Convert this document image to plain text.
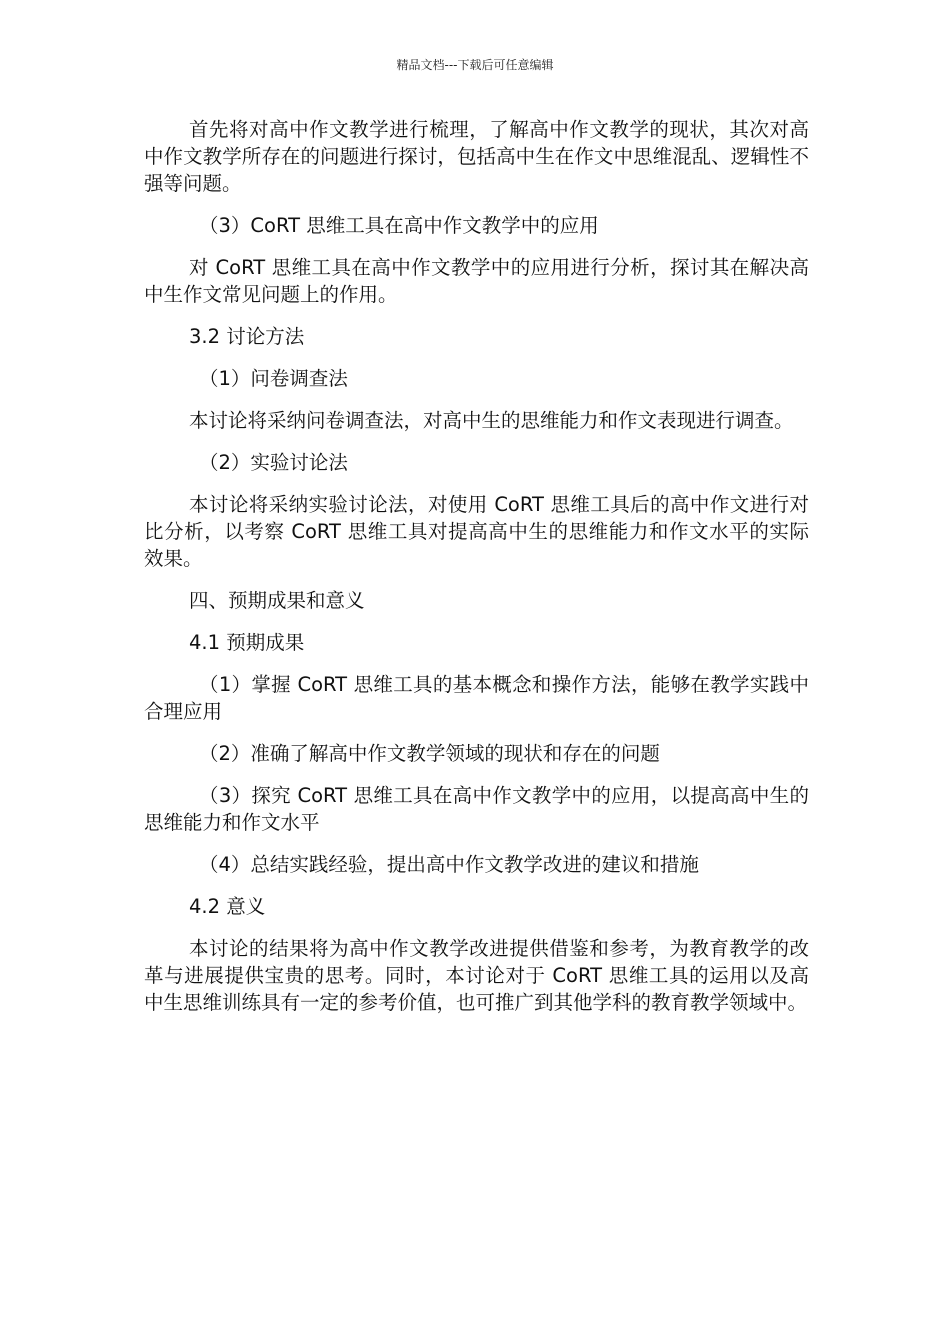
精品文档---下载后可任意编辑

首先将对高中作文教学进行梳理，了解高中作文教学的现状，其次对高中作文教学所存在的问题进行探讨，包括高中生在作文中思维混乱、逻辑性不强等问题。

（3）CoRT 思维工具在高中作文教学中的应用

对 CoRT 思维工具在高中作文教学中的应用进行分析，探讨其在解决高中生作文常见问题上的作用。

3.2 讨论方法

（1）问卷调查法

本讨论将采纳问卷调查法，对高中生的思维能力和作文表现进行调查。

（2）实验讨论法

本讨论将采纳实验讨论法，对使用 CoRT 思维工具后的高中作文进行对比分析，以考察 CoRT 思维工具对提高高中生的思维能力和作文水平的实际效果。

四、预期成果和意义

4.1 预期成果

（1）掌握 CoRT 思维工具的基本概念和操作方法，能够在教学实践中合理应用

（2）准确了解高中作文教学领域的现状和存在的问题

（3）探究 CoRT 思维工具在高中作文教学中的应用，以提高高中生的思维能力和作文水平

（4）总结实践经验，提出高中作文教学改进的建议和措施

4.2 意义

本讨论的结果将为高中作文教学改进提供借鉴和参考，为教育教学的改革与进展提供宝贵的思考。同时，本讨论对于 CoRT 思维工具的运用以及高中生思维训练具有一定的参考价值，也可推广到其他学科的教育教学领域中。
